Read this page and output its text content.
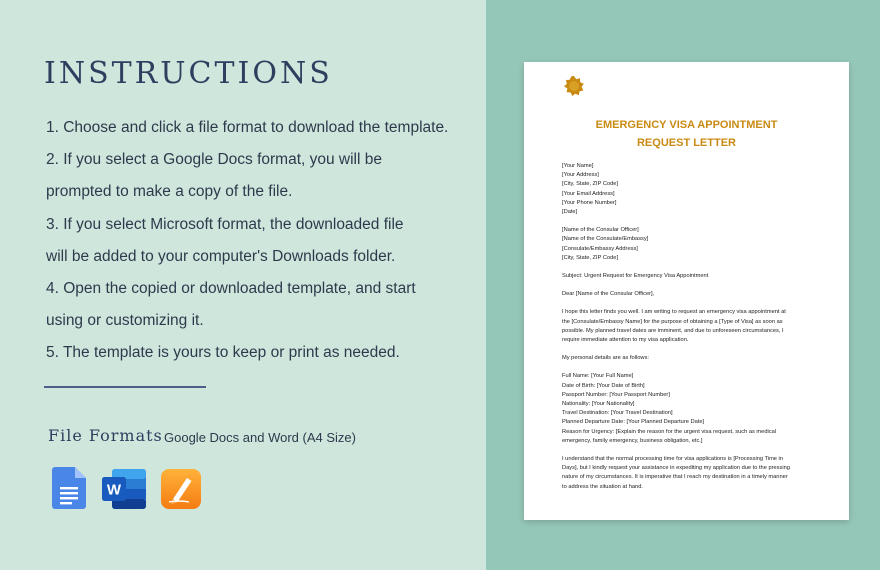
INSTRUCTIONS
1. Choose and click a file format to download the template.
2. If you select a Google Docs format, you will be
prompted to make a copy of the file.
3. If you select Microsoft format, the downloaded file
will be added to your computer's Downloads folder.
4. Open the copied or downloaded template, and start
using or customizing it.
5. The template is yours to keep or print as needed.
File Formats Google Docs and Word (A4 Size)
W
EMERGENCY VISA APPOINTMENT
REQUEST LETTER

[Your Name]
[Your Address]
[City, State, ZIP Code]
[Your Email Address]
[Your Phone Number]
[Date]

[Name of the Consular Officer]
[Name of the Consulate/Embassy]
[Consulate/Embassy Address]
[City, State, ZIP Code]

Subject: Urgent Request for Emergency Visa Appointment

Dear [Name of the Consular Officer],

I hope this letter finds you well. I am writing to request an emergency visa appointment at
the [Consulate/Embassy Name] for the purpose of obtaining a [Type of Visa] as soon as
possible. My planned travel dates are imminent, and due to unforeseen circumstances, I
require immediate attention to my visa application.

My personal details are as follows:

Full Name: [Your Full Name]
Date of Birth: [Your Date of Birth]
Passport Number: [Your Passport Number]
Nationality: [Your Nationality]
Travel Destination: [Your Travel Destination]
Planned Departure Date: [Your Planned Departure Date]
Reason for Urgency: [Explain the reason for the urgent visa request, such as medical
emergency, family emergency, business obligation, etc.]

I understand that the normal processing time for visa applications is [Processing Time in
Days], but I kindly request your assistance in expediting my application due to the pressing
nature of my circumstances. It is imperative that I reach my destination in a timely manner
to address the situation at hand.
